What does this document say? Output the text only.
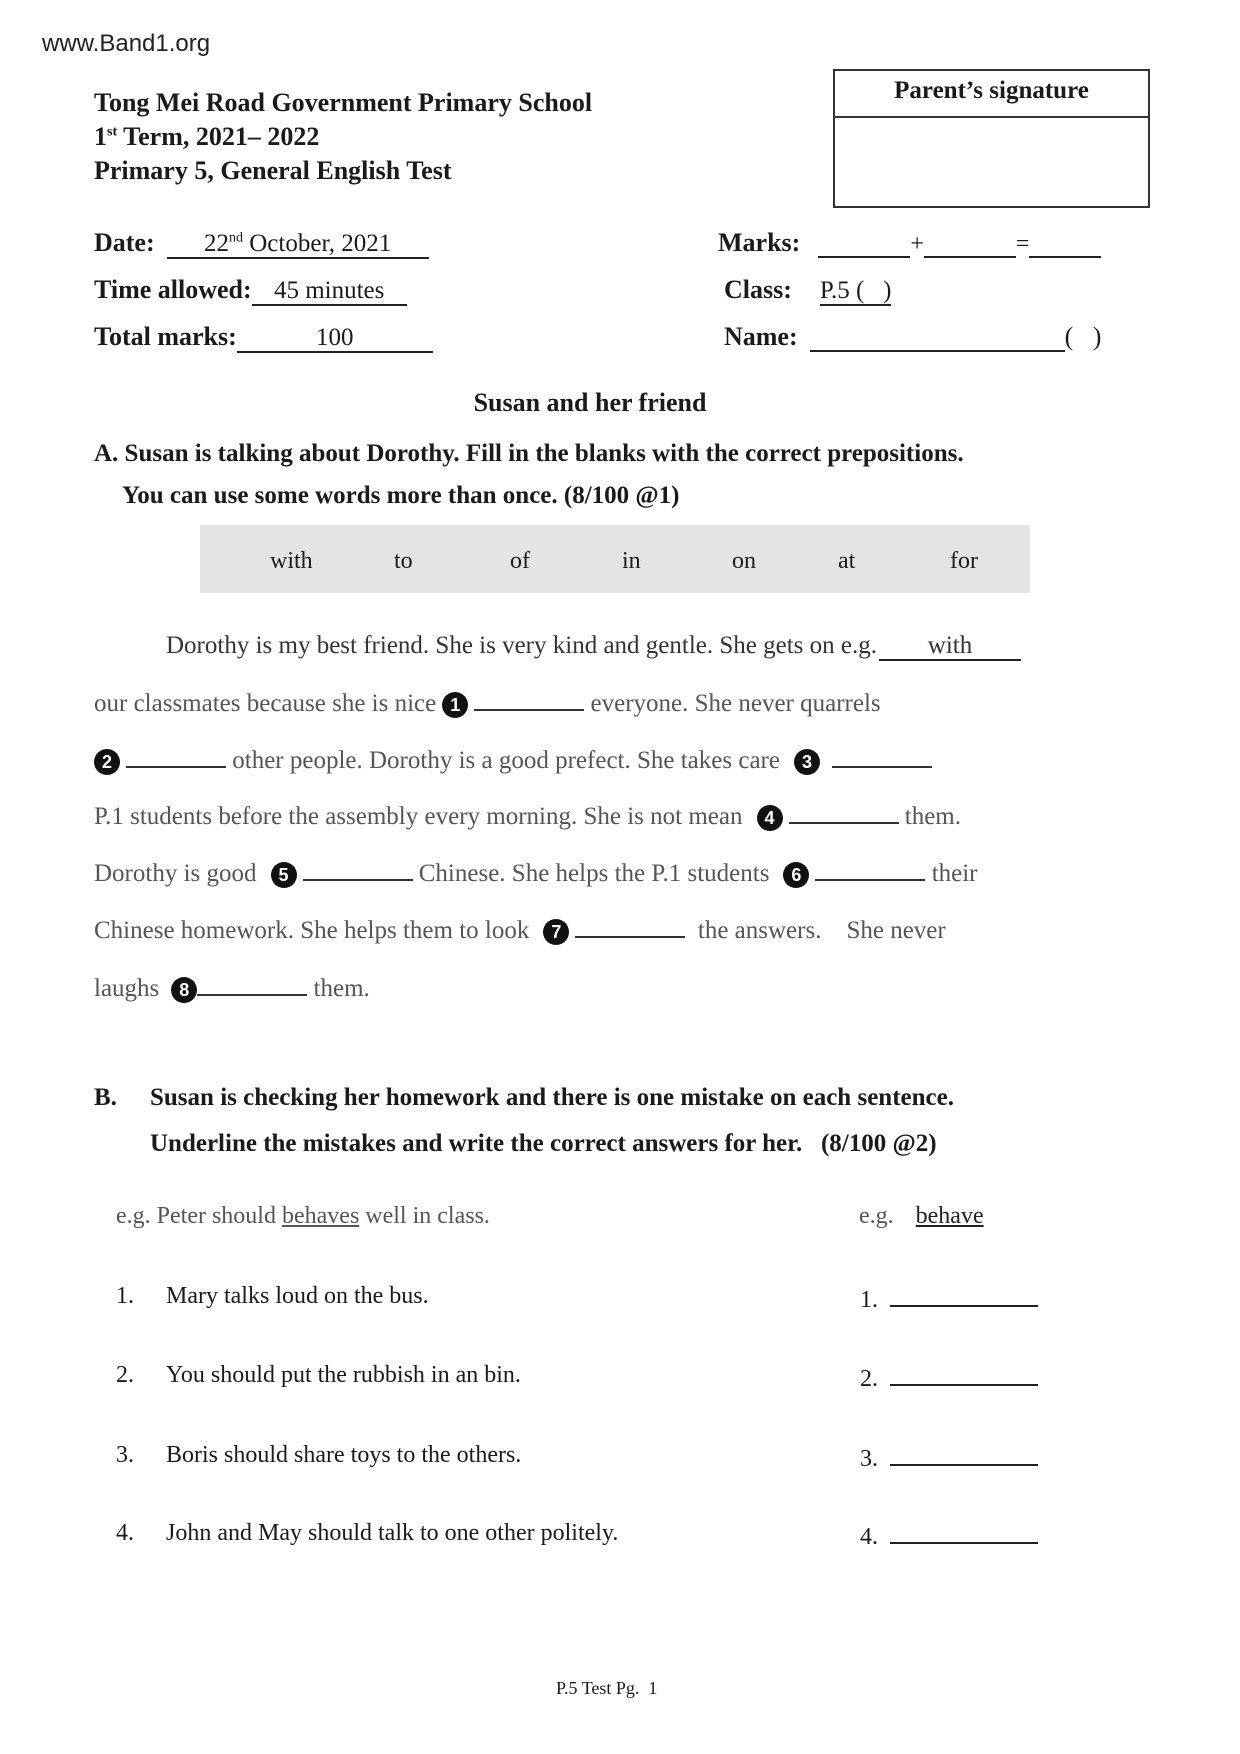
www.Band1.org
Tong Mei Road Government Primary School
1st Term, 2021– 2022
Primary 5, General English Test
Parent’s signature
Date: 22nd October, 2021
Time allowed: 45 minutes
Total marks:	100
Marks:	+	=
Class: P.5 (   )
Name:	(   )
Susan and her friend
A. Susan is talking about Dorothy. Fill in the blanks with the correct prepositions.
You can use some words more than once. (8/100 @1)
with	to	of	in	on	at	for
Dorothy is my best friend. She is very kind and gentle. She gets on e.g. with
our classmates because she is nice 1	everyone. She never quarrels
2	other people. Dorothy is a good prefect. She takes care 3
P.1 students before the assembly every morning. She is not mean 4	them.
Dorothy is good 5	Chinese. She helps the P.1 students 6	their
Chinese homework. She helps them to look 7	the answers.    She never
laughs 8	them.
B. Susan is checking her homework and there is one mistake on each sentence.
Underline the mistakes and write the correct answers for her.   (8/100 @2)
e.g. Peter should behaves well in class.	e.g. behave
1. Mary talks loud on the bus.	1.
2. You should put the rubbish in an bin.	2.
3. Boris should share toys to the others.	3.
4. John and May should talk to one other politely.	4.
P.5 Test Pg.  1
